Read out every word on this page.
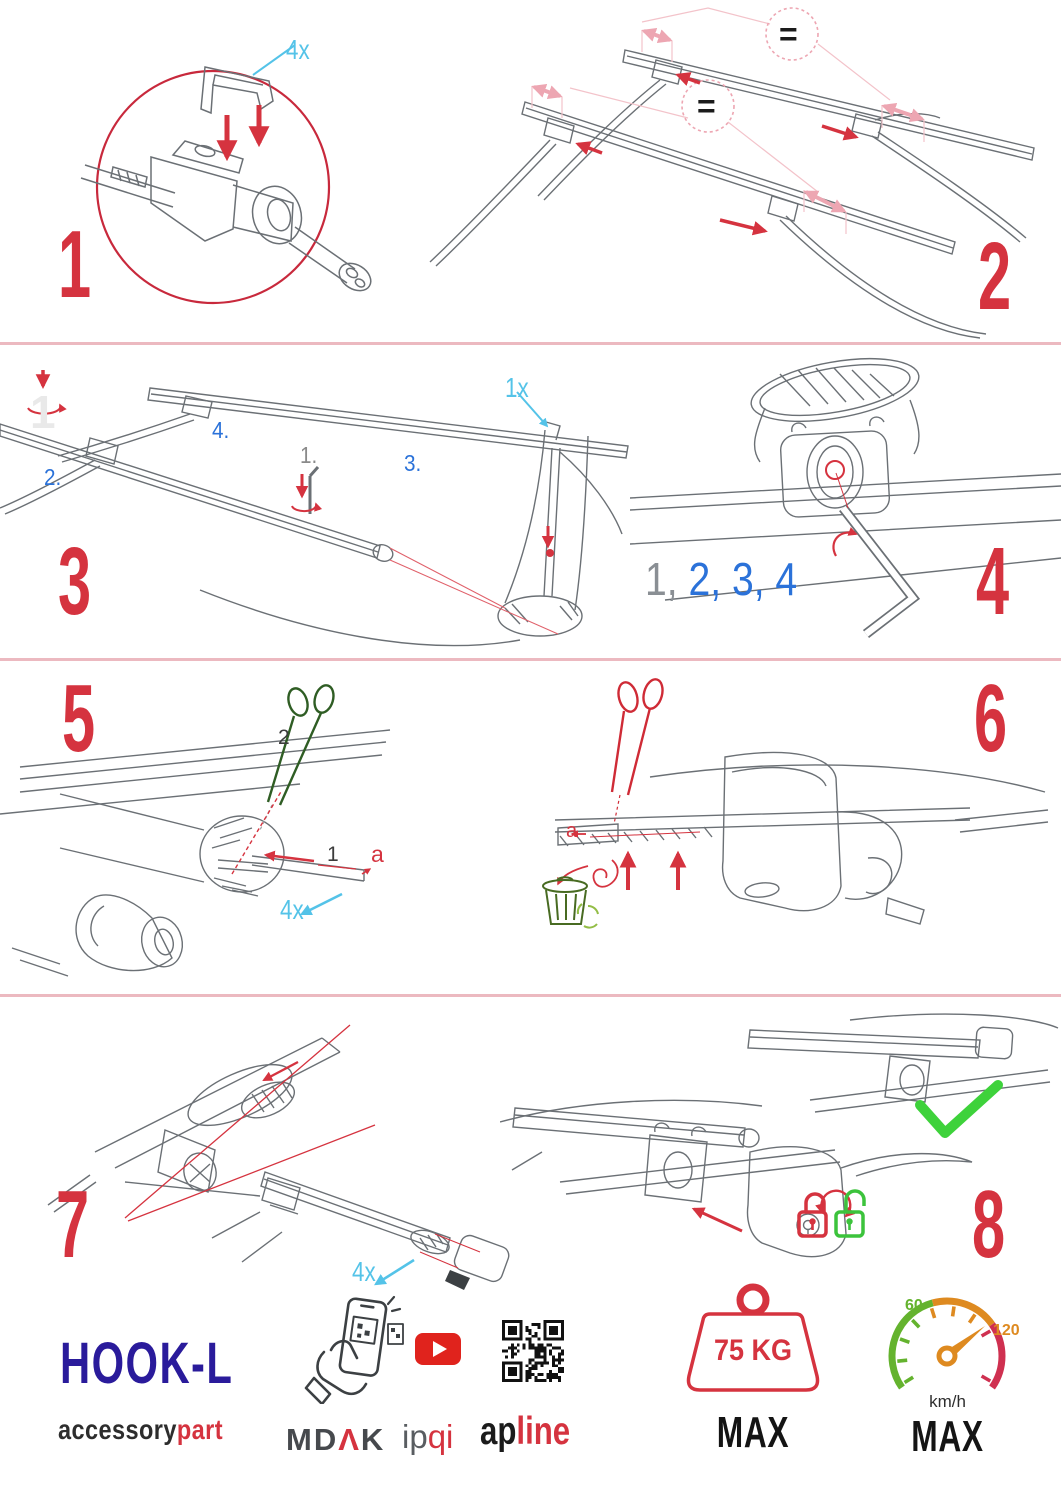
1	2
3	4
5	6
7	8
4x	=
=
1
2.
4.
1.	3.
1x
1, 2, 3, 4
2
1 a
4x
a
4x
HOOK-L
accessorypart
75 KG
MAX
60
120
km/h
MAX
MDΛK ipqi apline
